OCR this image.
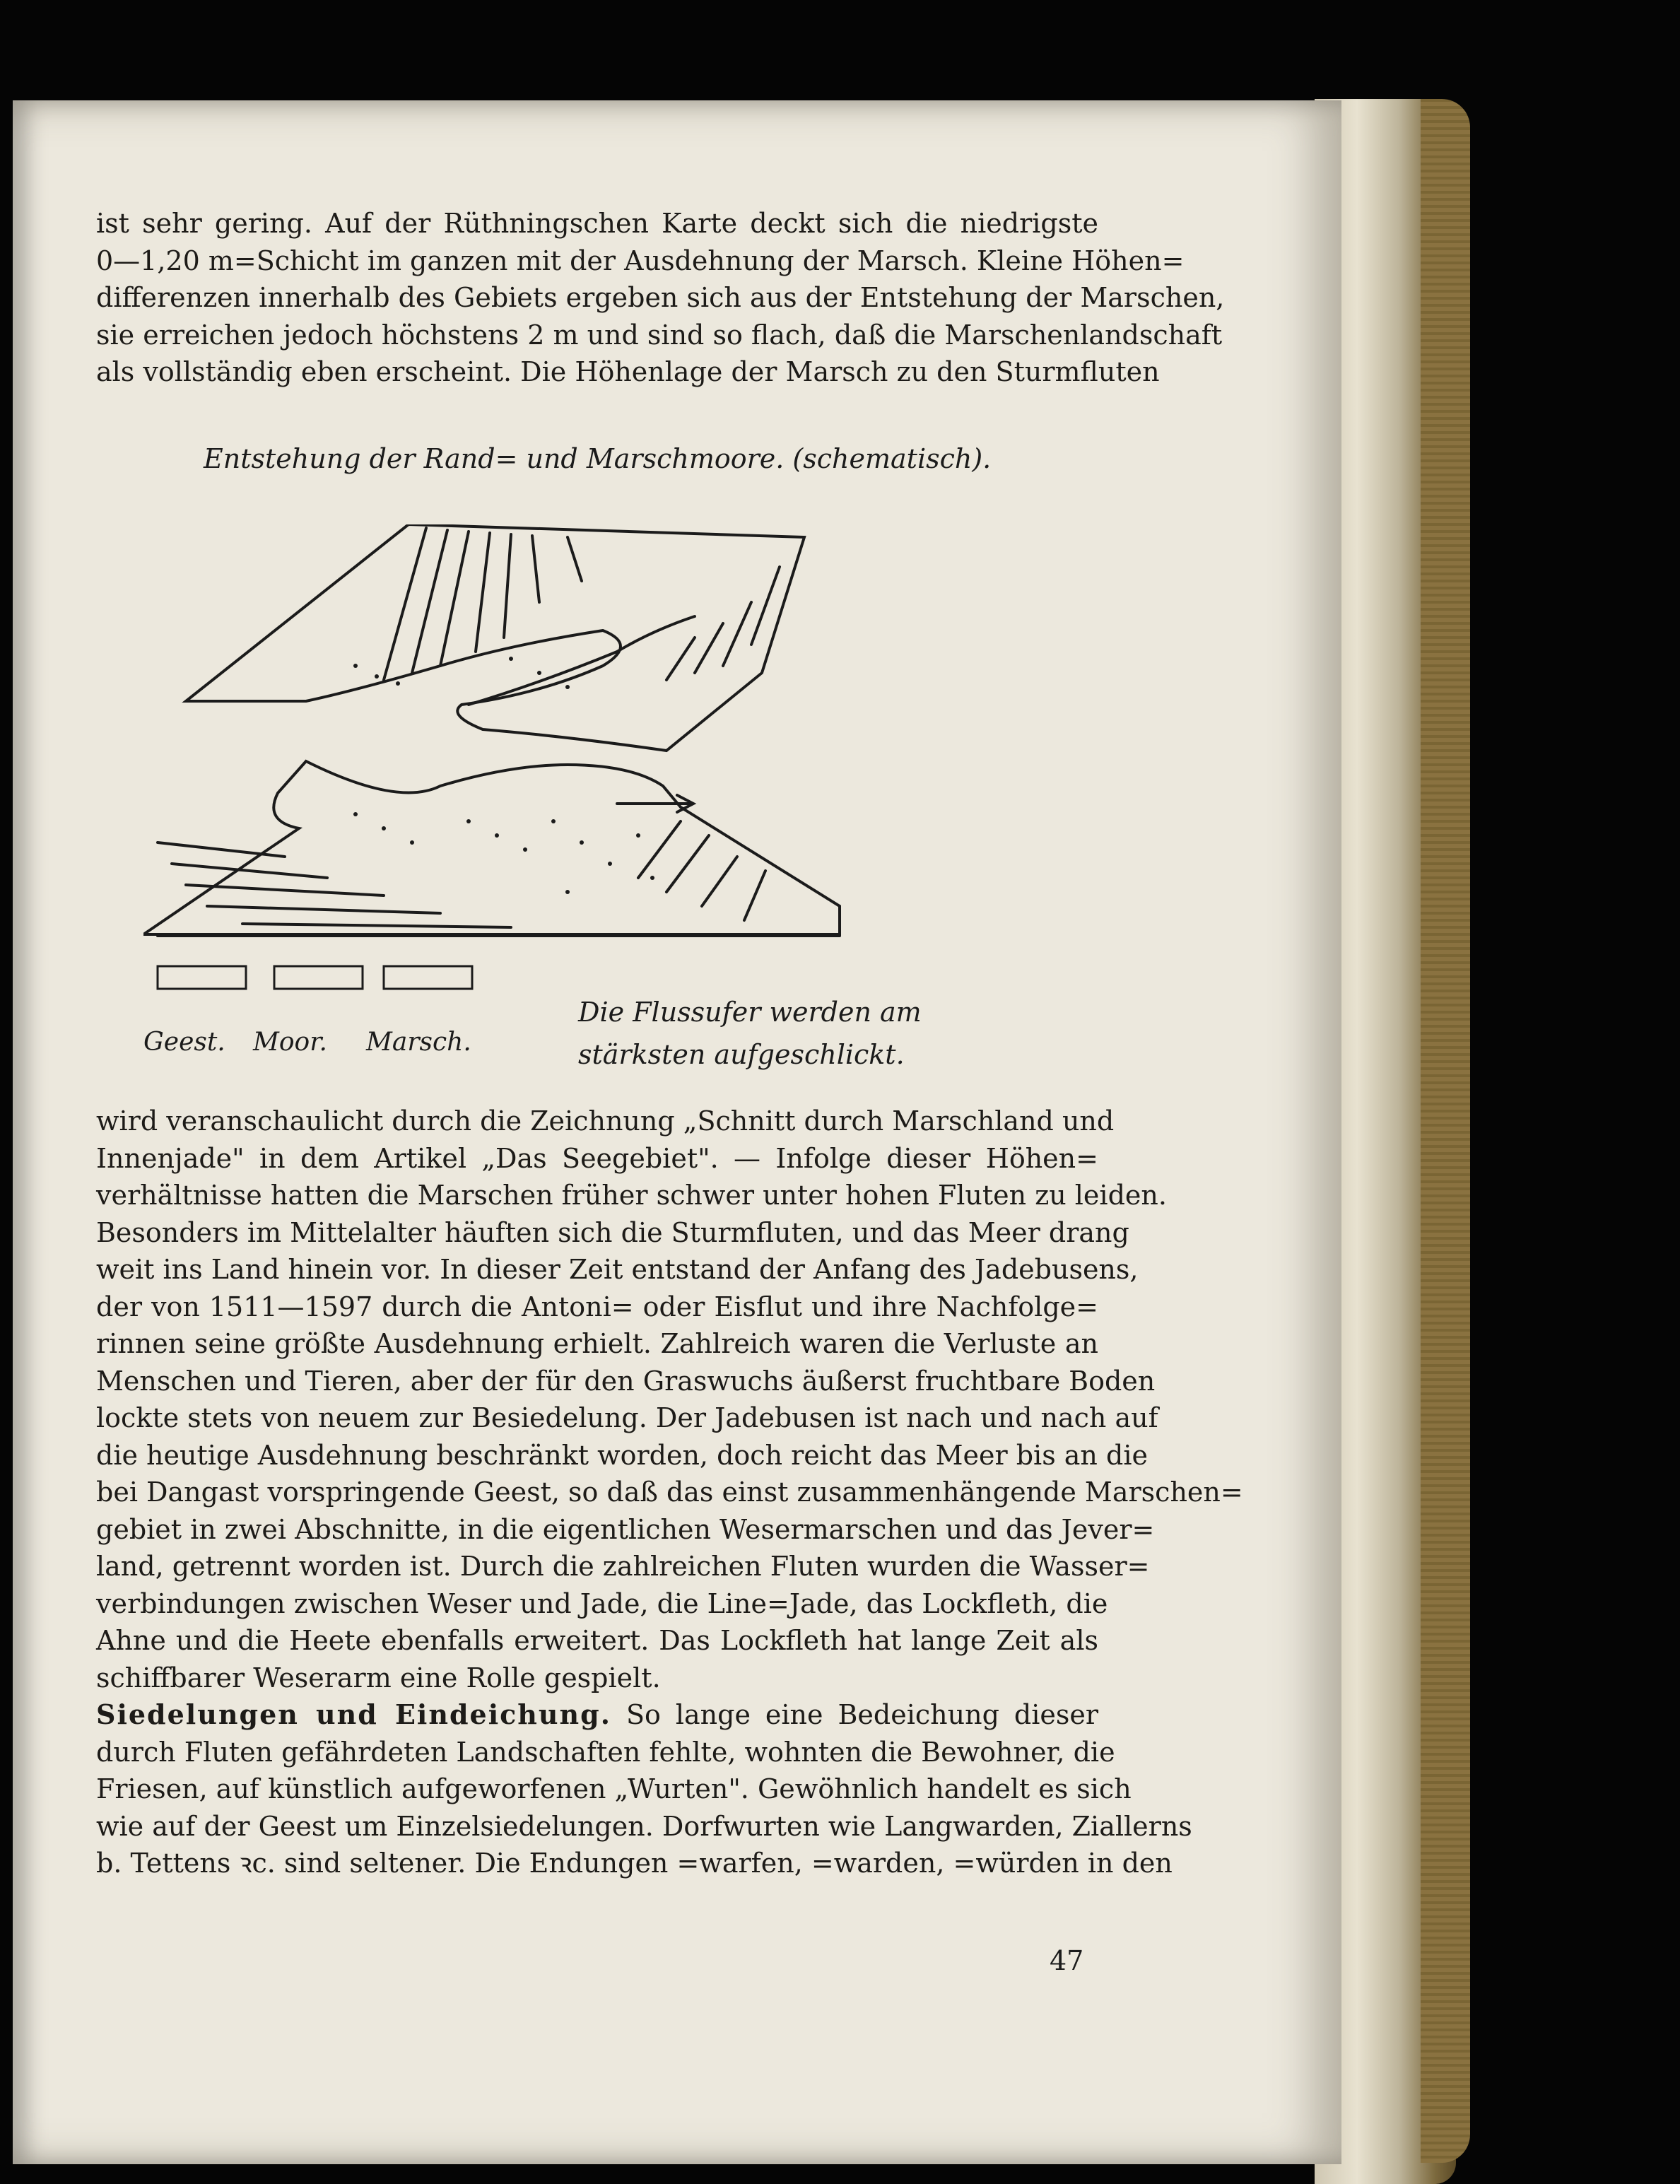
ist sehr gering. Auf der Rüthningschen Karte deckt sich die niedrigste
0—1,20 m=Schicht im ganzen mit der Ausdehnung der Marsch. Kleine Höhen=
differenzen innerhalb des Gebiets ergeben sich aus der Entstehung der Marschen,
sie erreichen jedoch höchstens 2 m und sind so flach, daß die Marschenlandschaft
als vollständig eben erscheint. Die Höhenlage der Marsch zu den Sturmfluten
Entstehung der Rand= und Marschmoore. (schematisch).
Geest. Moor. Marsch.
Die Flussufer werden am
stärksten aufgeschlickt.
wird veranschaulicht durch die Zeichnung „Schnitt durch Marschland und
Innenjade" in dem Artikel „Das Seegebiet". — Infolge dieser Höhen=
verhältnisse hatten die Marschen früher schwer unter hohen Fluten zu leiden.
Besonders im Mittelalter häuften sich die Sturmfluten, und das Meer drang
weit ins Land hinein vor. In dieser Zeit entstand der Anfang des Jadebusens,
der von 1511—1597 durch die Antoni= oder Eisflut und ihre Nachfolge=
rinnen seine größte Ausdehnung erhielt. Zahlreich waren die Verluste an
Menschen und Tieren, aber der für den Graswuchs äußerst fruchtbare Boden
lockte stets von neuem zur Besiedelung. Der Jadebusen ist nach und nach auf
die heutige Ausdehnung beschränkt worden, doch reicht das Meer bis an die
bei Dangast vorspringende Geest, so daß das einst zusammenhängende Marschen=
gebiet in zwei Abschnitte, in die eigentlichen Wesermarschen und das Jever=
land, getrennt worden ist. Durch die zahlreichen Fluten wurden die Wasser=
verbindungen zwischen Weser und Jade, die Line=Jade, das Lockfleth, die
Ahne und die Heete ebenfalls erweitert. Das Lockfleth hat lange Zeit als
schiffbarer Weserarm eine Rolle gespielt.
Siedelungen und Eindeichung. So lange eine Bedeichung dieser
durch Fluten gefährdeten Landschaften fehlte, wohnten die Bewohner, die
Friesen, auf künstlich aufgeworfenen „Wurten". Gewöhnlich handelt es sich
wie auf der Geest um Einzelsiedelungen. Dorfwurten wie Langwarden, Ziallerns
b. Tettens ꝛc. sind seltener. Die Endungen =warfen, =warden, =würden in den
47
